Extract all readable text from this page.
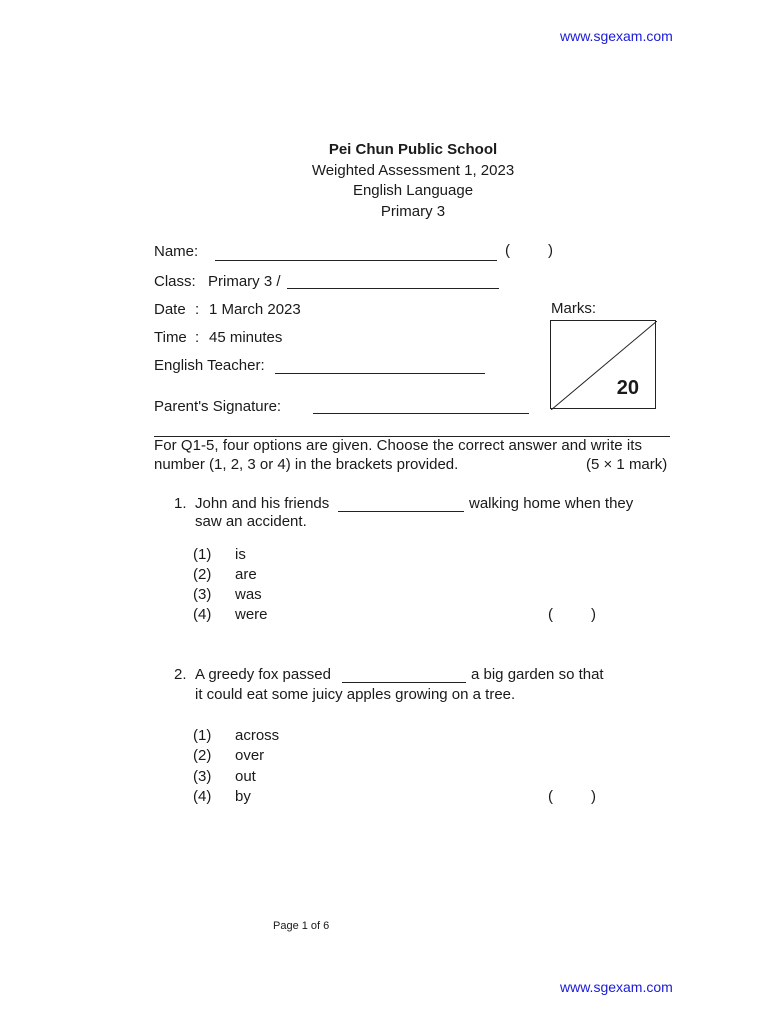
www.sgexam.com
Pei Chun Public School
Weighted Assessment 1, 2023
English Language
Primary 3
Name:	(	)
Class: Primary 3 /
Date : 1 March 2023
Time : 45 minutes
English Teacher:
Parent's Signature:
Marks:
20
For Q1-5, four options are given. Choose the correct answer and write its
number (1, 2, 3 or 4) in the brackets provided.	(5 × 1 mark)
1. John and his friends	walking home when they
saw an accident.
(1) is
(2) are
(3) was
(4) were	(	)
2. A greedy fox passed	a big garden so that
it could eat some juicy apples growing on a tree.
(1) across
(2) over
(3) out
(4) by	(	)
Page 1 of 6
www.sgexam.com
